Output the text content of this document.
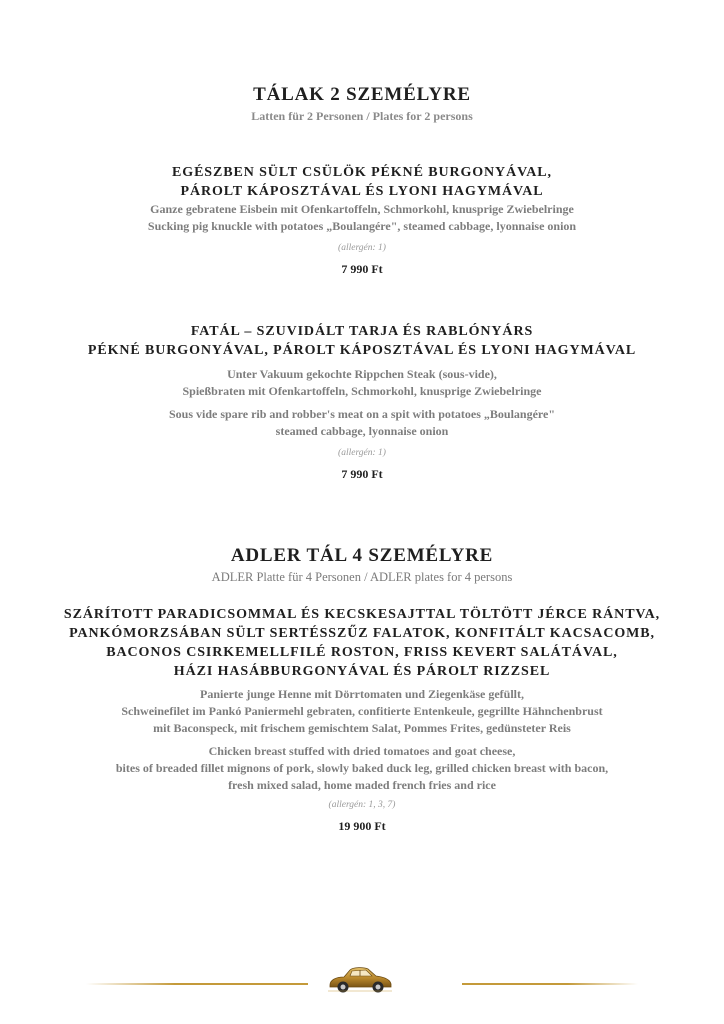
TÁLAK 2 SZEMÉLYRE
Latten für 2 Personen / Plates for 2 persons
EGÉSZBEN SÜLT CSÜLÖK PÉKNÉ BURGONYÁVAL,
PÁROLT KÁPOSZTÁVAL ÉS LYONI HAGYMÁVAL
Ganze gebratene Eisbein mit Ofenkartoffeln, Schmorkohl, knusprige Zwiebelringe
Sucking pig knuckle with potatoes „Boulangére", steamed cabbage, lyonnaise onion
(allergén: 1)
7 990 Ft
FATÁL – SZUVIDÁLT TARJA ÉS RABLÓNYÁRS
PÉKNÉ BURGONYÁVAL, PÁROLT KÁPOSZTÁVAL ÉS LYONI HAGYMÁVAL
Unter Vakuum gekochte Rippchen Steak (sous-vide),
Spießbraten mit Ofenkartoffeln, Schmorkohl, knusprige Zwiebelringe
Sous vide spare rib and robber's meat on a spit with potatoes „Boulangére"
steamed cabbage, lyonnaise onion
(allergén: 1)
7 990 Ft
ADLER TÁL 4 SZEMÉLYRE
ADLER Platte für 4 Personen / ADLER plates for 4 persons
SZÁRÍTOTT PARADICSOMMAL ÉS KECSKESAJTTAL TÖLTÖTT JÉRCE RÁNTVA,
PANKÓMORZSÁBAN SÜLT SERTÉSSZŰZ FALATOK, KONFITÁLT KACSACOMB,
BACONOS CSIRKEMELLFILÉ ROSTON, FRISS KEVERT SALÁTÁVAL,
HÁZI HASÁBBURGONYÁVAL ÉS PÁROLT RIZZSEL
Panierte junge Henne mit Dörrtomaten und Ziegenkäse gefüllt,
Schweinefilet im Pankó Paniermehl gebraten, confitierte Entenkeule, gegrillte Hähnchenbrust
mit Baconspeck, mit frischem gemischtem Salat, Pommes Frites, gedünsteter Reis
Chicken breast stuffed with dried tomatoes and goat cheese,
bites of breaded fillet mignons of pork, slowly baked duck leg, grilled chicken breast with bacon,
fresh mixed salad, home maded french fries and rice
(allergén: 1, 3, 7)
19 900 Ft
